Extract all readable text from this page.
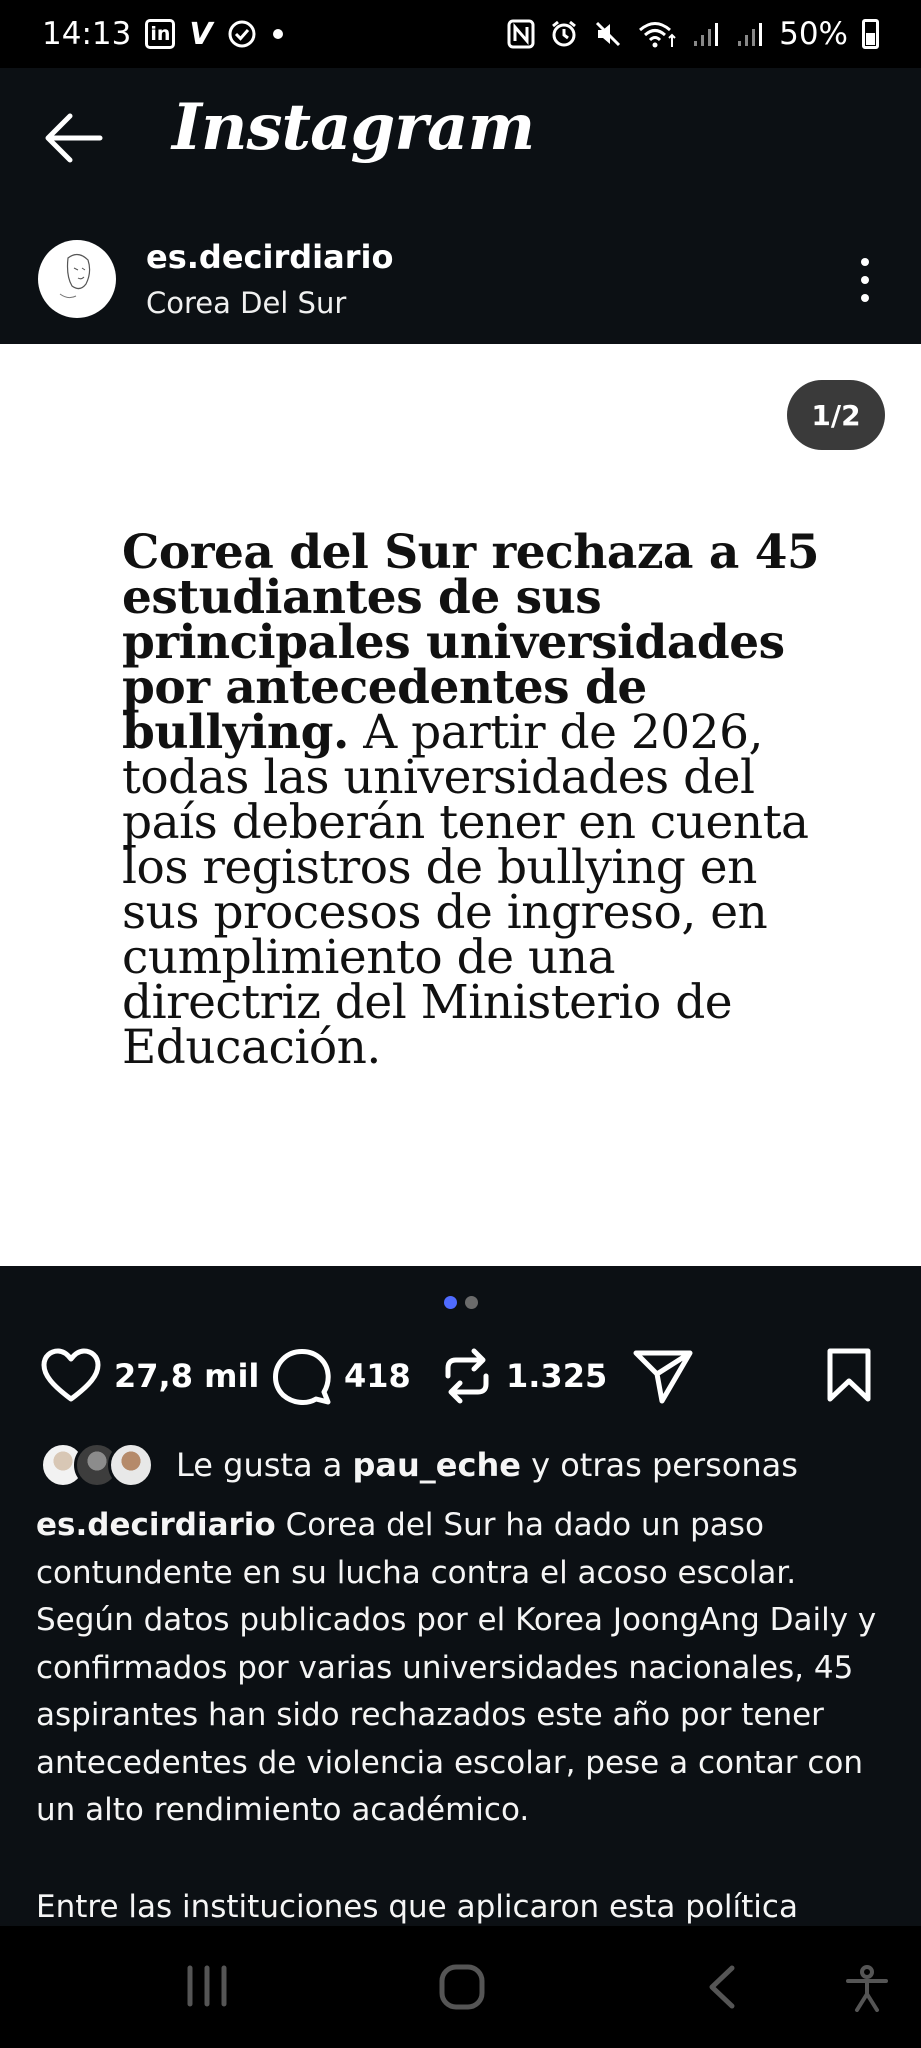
14:13 in V	50%
Instagram
es.decirdiario
Corea Del Sur
1/2
Corea del Sur rechaza a 45 estudiantes de sus principales universidades por antecedentes de bullying. A partir de 2026, todas las universidades del país deberán tener en cuenta los registros de bullying en sus procesos de ingreso, en cumplimiento de una directriz del Ministerio de Educación.
27,8 mil	418	1.325
Le gusta a pau_eche y otras personas
es.decirdiario Corea del Sur ha dado un paso contundente en su lucha contra el acoso escolar. Según datos publicados por el Korea JoongAng Daily y confirmados por varias universidades nacionales, 45 aspirantes han sido rechazados este año por tener antecedentes de violencia escolar, pese a contar con un alto rendimiento académico.
Entre las instituciones que aplicaron esta política
